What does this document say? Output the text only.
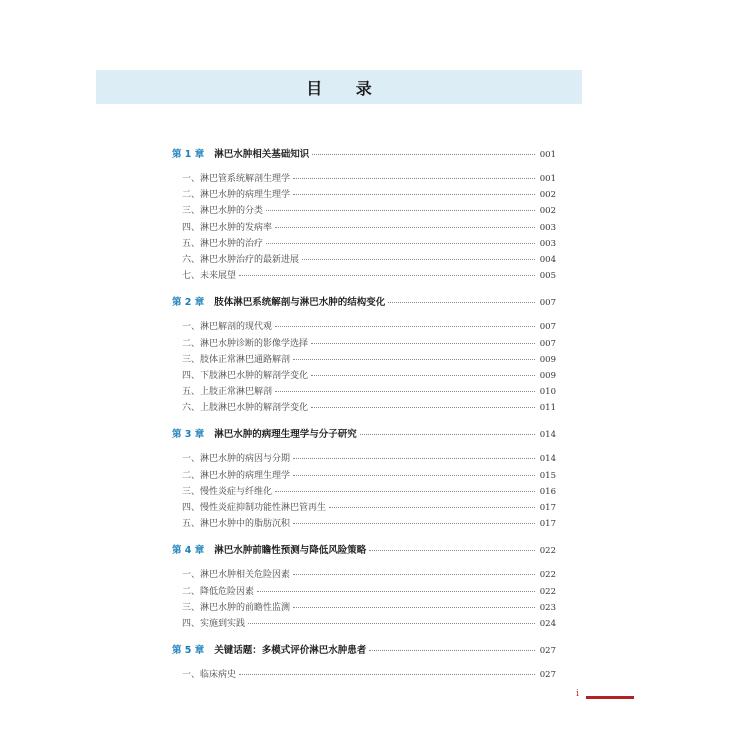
目 录
第 1 章 淋巴水肿相关基础知识	001
一、淋巴管系统解剖生理学	001
二、淋巴水肿的病理生理学	002
三、淋巴水肿的分类	002
四、淋巴水肿的发病率	003
五、淋巴水肿的治疗	003
六、淋巴水肿治疗的最新进展	004
七、未来展望	005
第 2 章 肢体淋巴系统解剖与淋巴水肿的结构变化	007
一、淋巴解剖的现代观	007
二、淋巴水肿诊断的影像学选择	007
三、肢体正常淋巴通路解剖	009
四、下肢淋巴水肿的解剖学变化	009
五、上肢正常淋巴解剖	010
六、上肢淋巴水肿的解剖学变化	011
第 3 章 淋巴水肿的病理生理学与分子研究	014
一、淋巴水肿的病因与分期	014
二、淋巴水肿的病理生理学	015
三、慢性炎症与纤维化	016
四、慢性炎症抑制功能性淋巴管再生	017
五、淋巴水肿中的脂肪沉积	017
第 4 章 淋巴水肿前瞻性预测与降低风险策略	022
一、淋巴水肿相关危险因素	022
二、降低危险因素	022
三、淋巴水肿的前瞻性监测	023
四、实施到实践	024
第 5 章 关键话题：多模式评价淋巴水肿患者	027
一、临床病史	027
i
